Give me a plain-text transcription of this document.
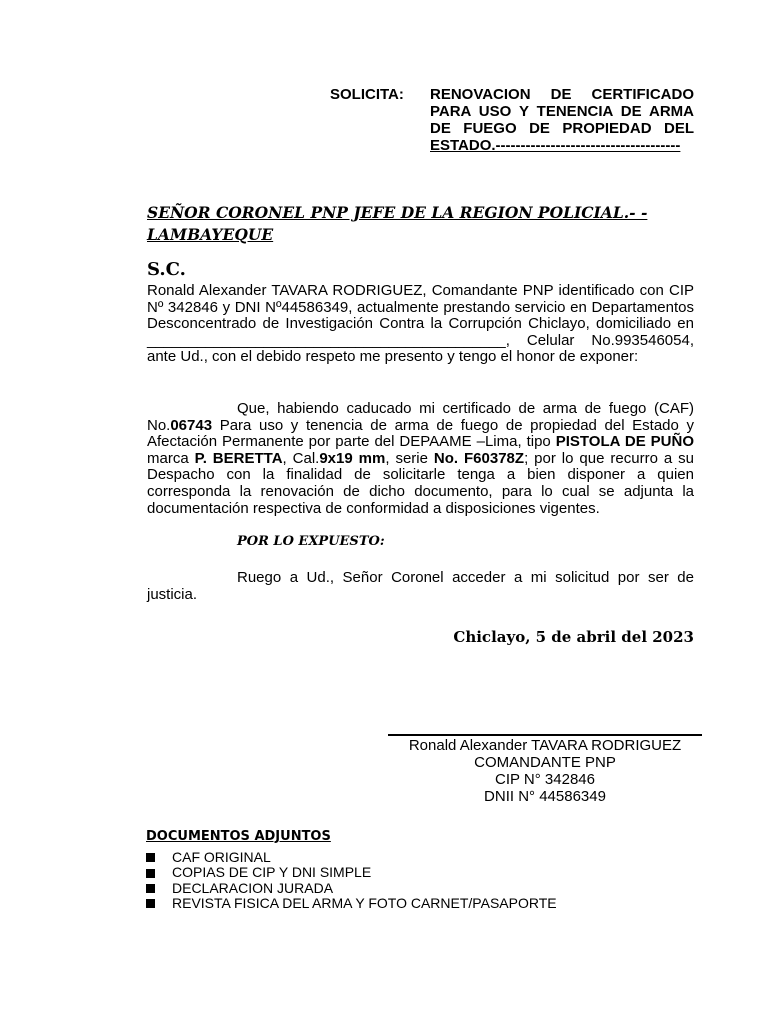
SOLICITA: RENOVACION DE CERTIFICADO
PARA USO Y TENENCIA DE ARMA
DE FUEGO DE PROPIEDAD DEL
ESTADO.-------------------------------------
SEÑOR CORONEL PNP JEFE DE LA REGION POLICIAL.- -
LAMBAYEQUE
S.C.
Ronald Alexander TAVARA RODRIGUEZ, Comandante PNP identificado con CIP Nº 342846 y DNI Nº44586349, actualmente prestando servicio en Departamentos Desconcentrado de Investigación Contra la Corrupción Chiclayo, domiciliado en ___________________________________________, Celular No.993546054, ante Ud., con el debido respeto me presento y tengo el honor de exponer:
Que, habiendo caducado mi certificado de arma de fuego (CAF) No.06743 Para uso y tenencia de arma de fuego de propiedad del Estado y Afectación Permanente por parte del DEPAAME –Lima, tipo PISTOLA DE PUÑO marca P. BERETTA, Cal.9x19 mm, serie No. F60378Z; por lo que recurro a su Despacho con la finalidad de solicitarle tenga a bien disponer a quien corresponda la renovación de dicho documento, para lo cual se adjunta la documentación respectiva de conformidad a disposiciones vigentes.
POR LO EXPUESTO:
Ruego a Ud., Señor Coronel acceder a mi solicitud por ser de justicia.
Chiclayo, 5 de abril del 2023
Ronald Alexander TAVARA RODRIGUEZ
COMANDANTE PNP
CIP N° 342846
DNII N° 44586349
DOCUMENTOS ADJUNTOS
CAF ORIGINAL
COPIAS DE CIP Y DNI SIMPLE
DECLARACION JURADA
REVISTA FISICA DEL ARMA Y FOTO CARNET/PASAPORTE
